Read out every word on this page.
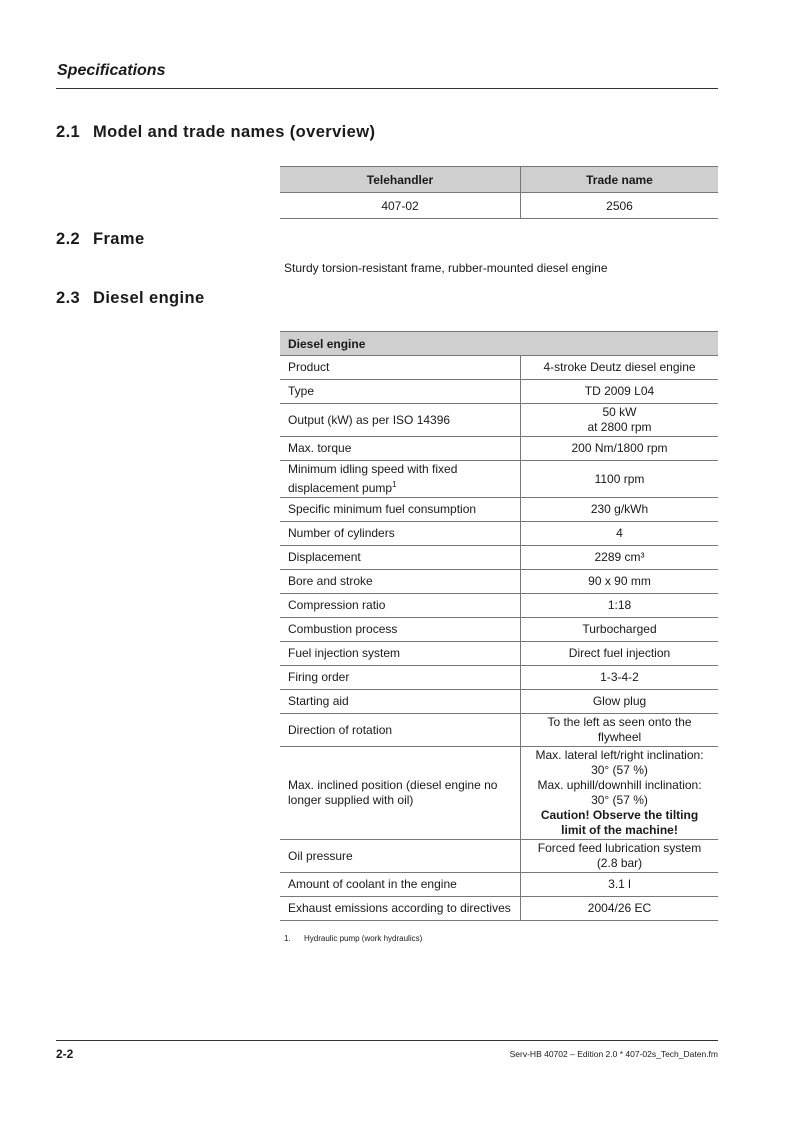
Specifications
2.1 Model and trade names (overview)
Telehandler	Trade name
407-02	2506
2.2 Frame
Sturdy torsion-resistant frame, rubber-mounted diesel engine
2.3 Diesel engine
Diesel engine	
Product	4-stroke Deutz diesel engine

Type	TD 2009 L04

Output (kW) as per ISO 14396	50 kW
at 2800 rpm

Max. torque	200 Nm/1800 rpm

Minimum idling speed with fixed displacement pump$^1$	1100 rpm

Specific minimum fuel consumption	230 g/kWh

Number of cylinders	4

Displacement	2289 cm³

Bore and stroke	90 x 90 mm

Compression ratio	1:18

Combustion process	Turbocharged

Fuel injection system	Direct fuel injection

Firing order	1-3-4-2

Starting aid	Glow plug

Direction of rotation	To the left as seen onto the flywheel

Max. inclined position (diesel engine no longer supplied with oil)	Max. lateral left/right inclination: 30° (57 %)
Max. uphill/downhill inclination: 30° (57 %)
Caution! Observe the tilting limit of the machine!

Oil pressure	Forced feed lubrication system (2.8 bar)

Amount of coolant in the engine	3.1 l

Exhaust emissions according to directives	2004/26 EC
1. Hydraulic pump (work hydraulics)
2-2	Serv-HB 40702 – Edition 2.0 * 407-02s_Tech_Daten.fm
